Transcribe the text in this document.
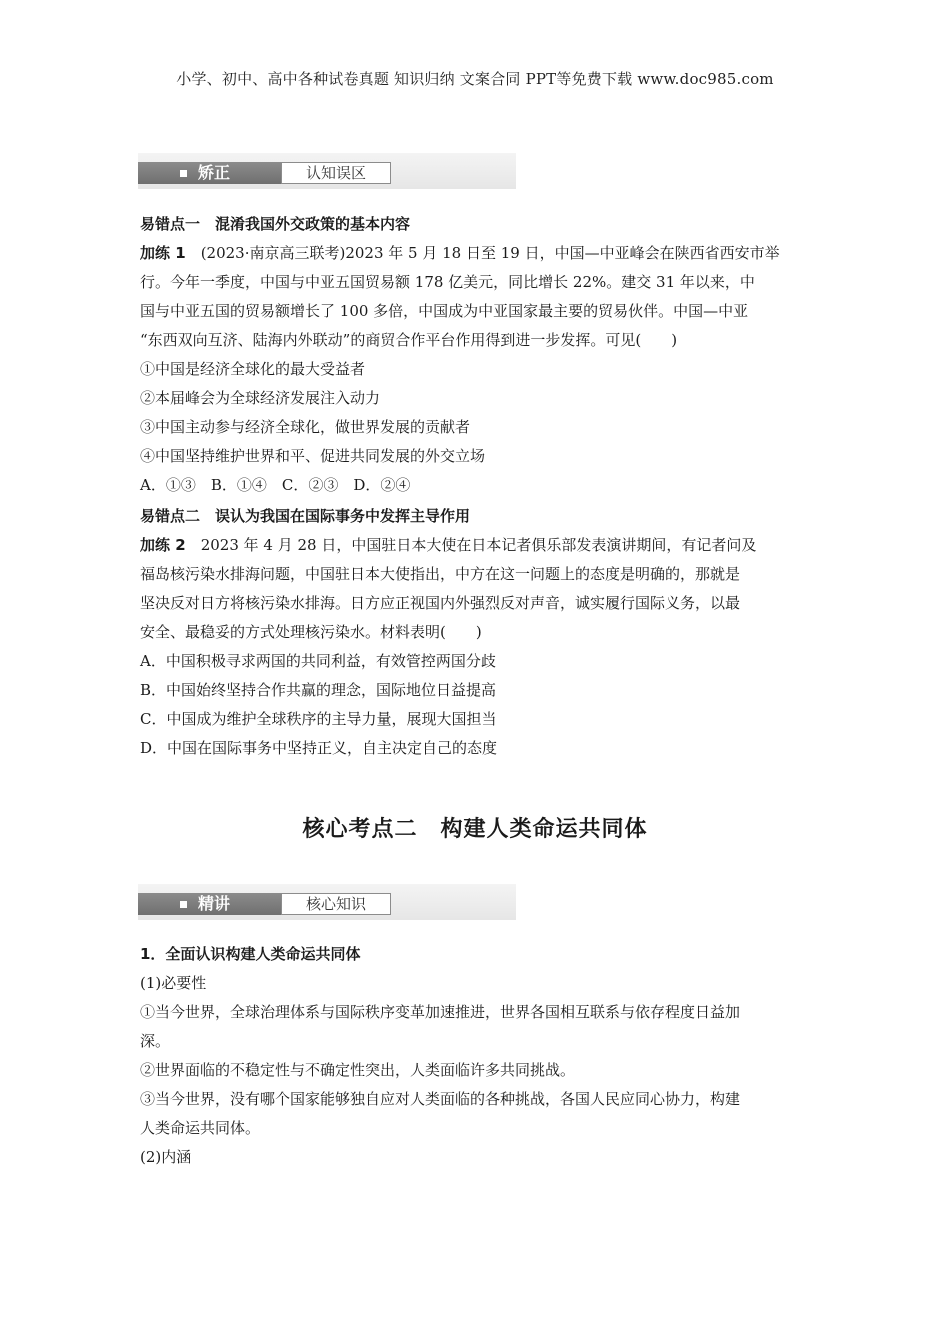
小学、初中、高中各种试卷真题 知识归纳 文案合同 PPT等免费下载 www.doc985.com
矫正	认知误区

易错点一　混淆我国外交政策的基本内容

加练 1　 (2023·南京高三联考)2023 年 5 月 18 日至 19 日，中国—中亚峰会在陕西省西安市举

行。今年一季度，中国与中亚五国贸易额 178 亿美元，同比增长 22%。建交 31 年以来，中

国与中亚五国的贸易额增长了 100 多倍，中国成为中亚国家最主要的贸易伙伴。中国—中亚

“东西双向互济、陆海内外联动”的商贸合作平台作用得到进一步发挥。可见(　　)

①中国是经济全球化的最大受益者

②本届峰会为全球经济发展注入动力

③中国主动参与经济全球化，做世界发展的贡献者

④中国坚持维护世界和平、促进共同发展的外交立场

A．①③　B．①④　C．②③　D．②④

易错点二　误认为我国在国际事务中发挥主导作用

加练 2　 2023 年 4 月 28 日，中国驻日本大使在日本记者俱乐部发表演讲期间，有记者问及

福岛核污染水排海问题，中国驻日本大使指出，中方在这一问题上的态度是明确的，那就是

坚决反对日方将核污染水排海。日方应正视国内外强烈反对声音，诚实履行国际义务，以最

安全、最稳妥的方式处理核污染水。材料表明(　　)

A．中国积极寻求两国的共同利益，有效管控两国分歧

B．中国始终坚持合作共赢的理念，国际地位日益提高

C．中国成为维护全球秩序的主导力量，展现大国担当

D．中国在国际事务中坚持正义，自主决定自己的态度

核心考点二　构建人类命运共同体
精讲	核心知识

1．全面认识构建人类命运共同体

(1)必要性

①当今世界，全球治理体系与国际秩序变革加速推进，世界各国相互联系与依存程度日益加

深。

②世界面临的不稳定性与不确定性突出，人类面临许多共同挑战。

③当今世界，没有哪个国家能够独自应对人类面临的各种挑战，各国人民应同心协力，构建

人类命运共同体。

(2)内涵
